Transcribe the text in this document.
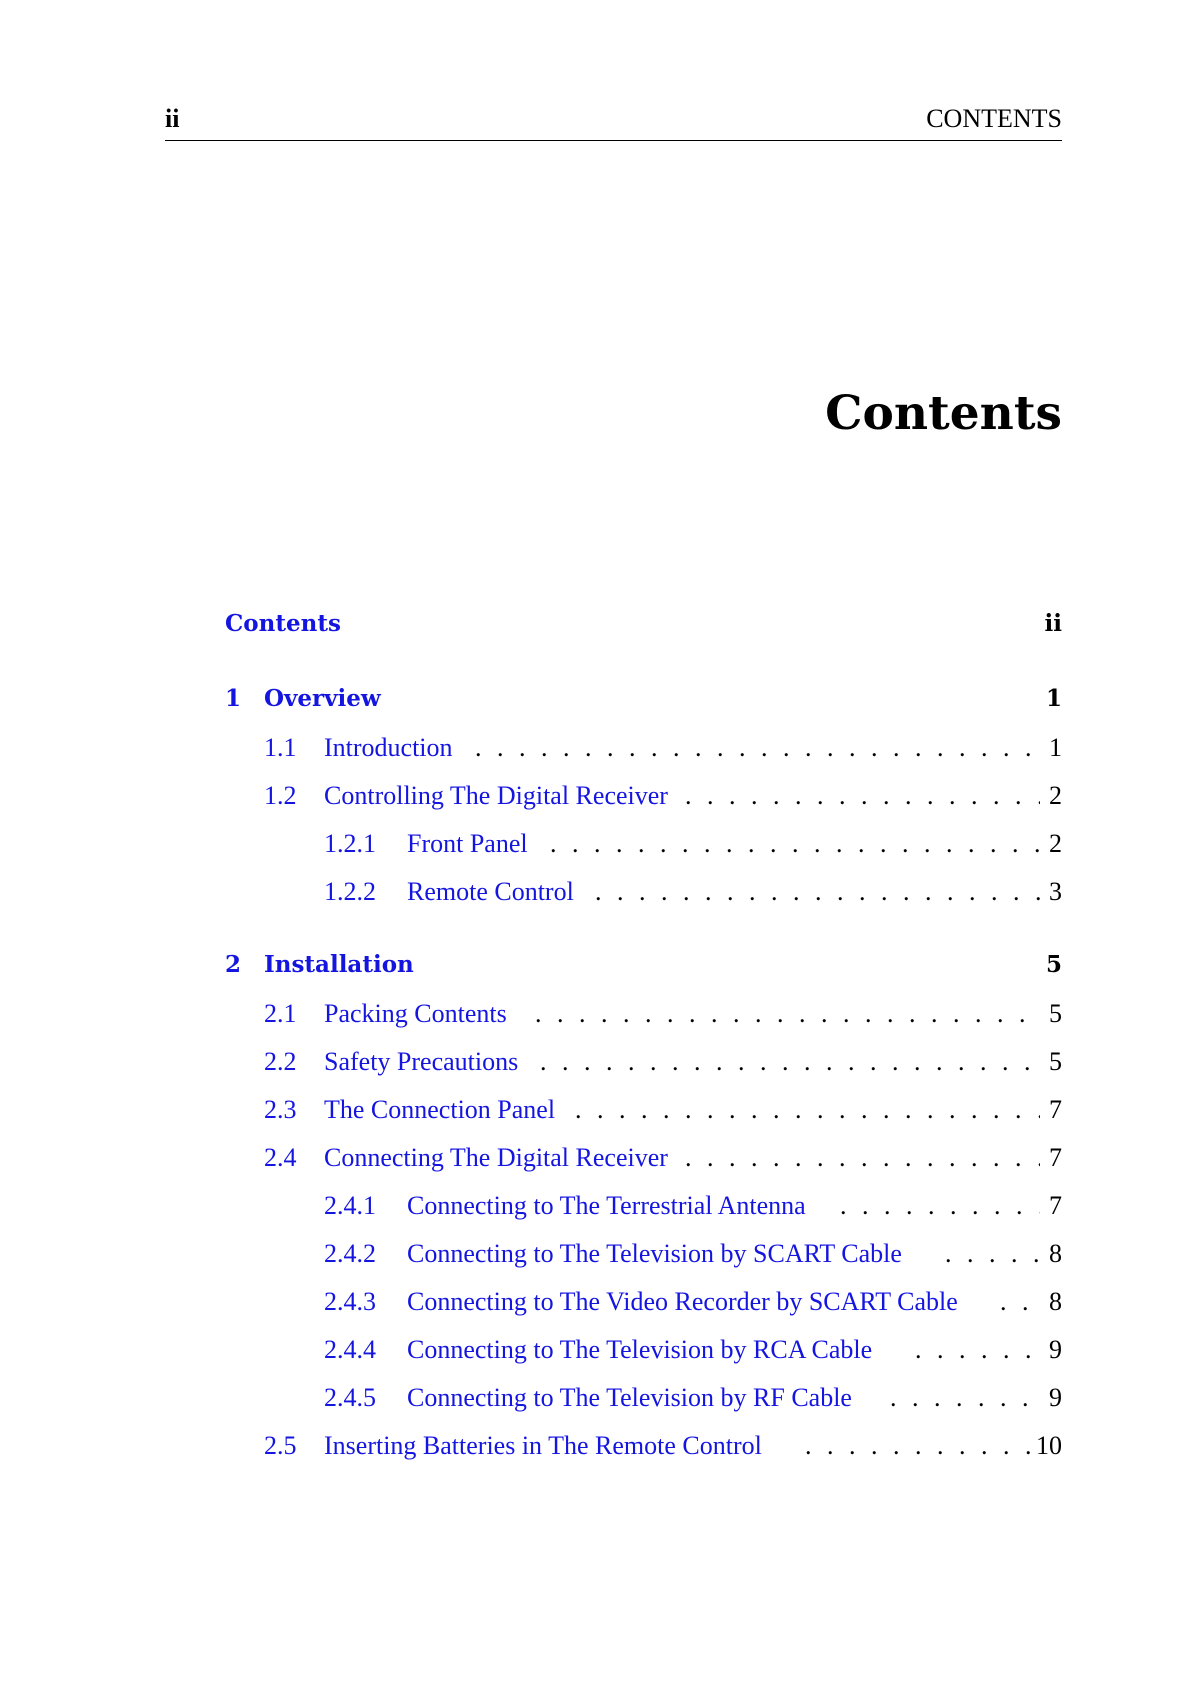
ii	CONTENTS
Contents
Contents	ii
1 Overview	1
1.1 Introduction . . .	1
1.2 Controlling The Digital Receiver . . .	2
1.2.1 Front Panel . . .	2
1.2.2 Remote Control . . .	3
2 Installation	5
2.1 Packing Contents . . .	5
2.2 Safety Precautions . . .	5
2.3 The Connection Panel . . .	7
2.4 Connecting The Digital Receiver . . .	7
2.4.1 Connecting to The Terrestrial Antenna . . .	7
2.4.2 Connecting to The Television by SCART Cable . . .	8
2.4.3 Connecting to The Video Recorder by SCART Cable . . .	8
2.4.4 Connecting to The Television by RCA Cable . . .	9
2.4.5 Connecting to The Television by RF Cable . . .	9
2.5 Inserting Batteries in The Remote Control . . .	10
